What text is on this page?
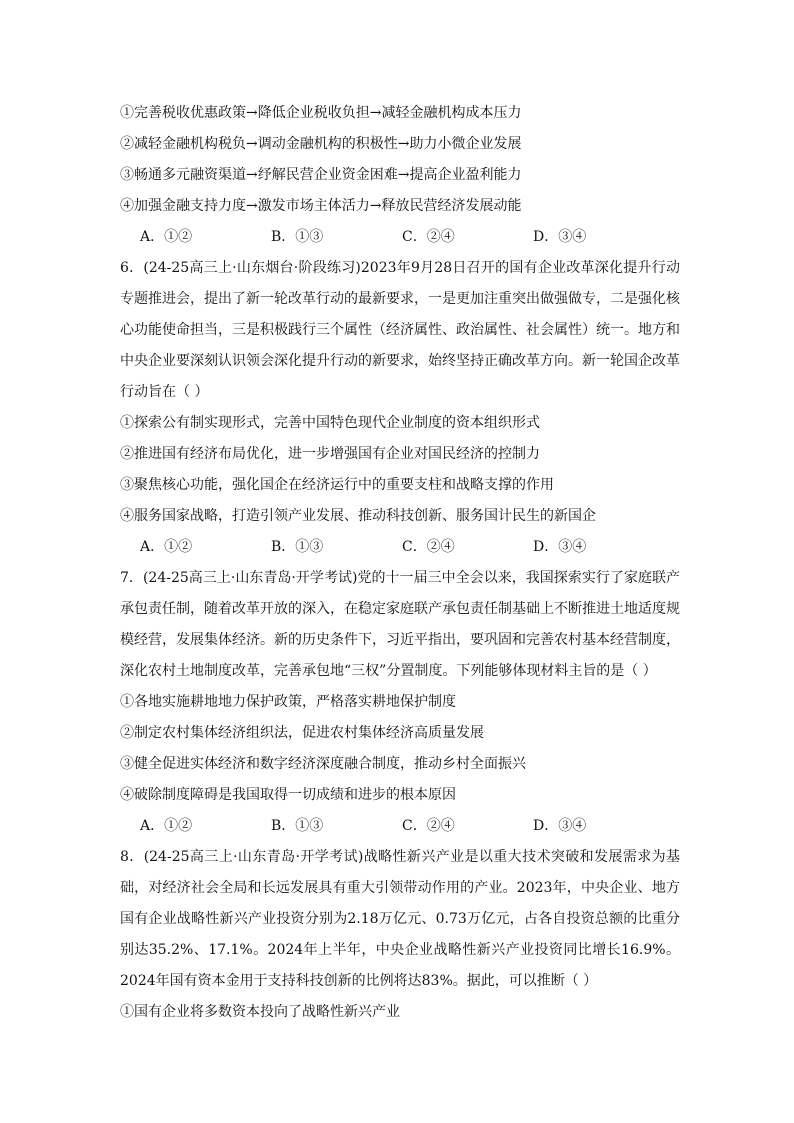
①完善税收优惠政策→降低企业税收负担→减轻金融机构成本压力
②减轻金融机构税负→调动金融机构的积极性→助力小微企业发展
③畅通多元融资渠道→纾解民营企业资金困难→提高企业盈利能力
④加强金融支持力度→激发市场主体活力→释放民营经济发展动能
A．①②	B．①③	C．②④	D．③④
6．(24-25高三上·山东烟台·阶段练习)2023年9月28日召开的国有企业改革深化提升行动专题推进会，提出了新一轮改革行动的最新要求，一是更加注重突出做强做专，二是强化核心功能使命担当，三是积极践行三个属性（经济属性、政治属性、社会属性）统一。地方和中央企业要深刻认识领会深化提升行动的新要求，始终坚持正确改革方向。新一轮国企改革行动旨在（ ）
①探索公有制实现形式，完善中国特色现代企业制度的资本组织形式
②推进国有经济布局优化，进一步增强国有企业对国民经济的控制力
③聚焦核心功能，强化国企在经济运行中的重要支柱和战略支撑的作用
④服务国家战略，打造引领产业发展、推动科技创新、服务国计民生的新国企
A．①②	B．①③	C．②④	D．③④
7．(24-25高三上·山东青岛·开学考试)党的十一届三中全会以来，我国探索实行了家庭联产承包责任制，随着改革开放的深入，在稳定家庭联产承包责任制基础上不断推进土地适度规模经营，发展集体经济。新的历史条件下，习近平指出，要巩固和完善农村基本经营制度，深化农村土地制度改革，完善承包地“三权”分置制度。下列能够体现材料主旨的是（ ）
①各地实施耕地地力保护政策，严格落实耕地保护制度
②制定农村集体经济组织法，促进农村集体经济高质量发展
③健全促进实体经济和数字经济深度融合制度，推动乡村全面振兴
④破除制度障碍是我国取得一切成绩和进步的根本原因
A．①②	B．①③	C．②④	D．③④
8．(24-25高三上·山东青岛·开学考试)战略性新兴产业是以重大技术突破和发展需求为基础，对经济社会全局和长远发展具有重大引领带动作用的产业。2023年，中央企业、地方国有企业战略性新兴产业投资分别为2.18万亿元、0.73万亿元，占各自投资总额的比重分别达35.2%、17.1%。2024年上半年，中央企业战略性新兴产业投资同比增长16.9%。2024年国有资本金用于支持科技创新的比例将达83%。据此，可以推断（ ）
①国有企业将多数资本投向了战略性新兴产业
